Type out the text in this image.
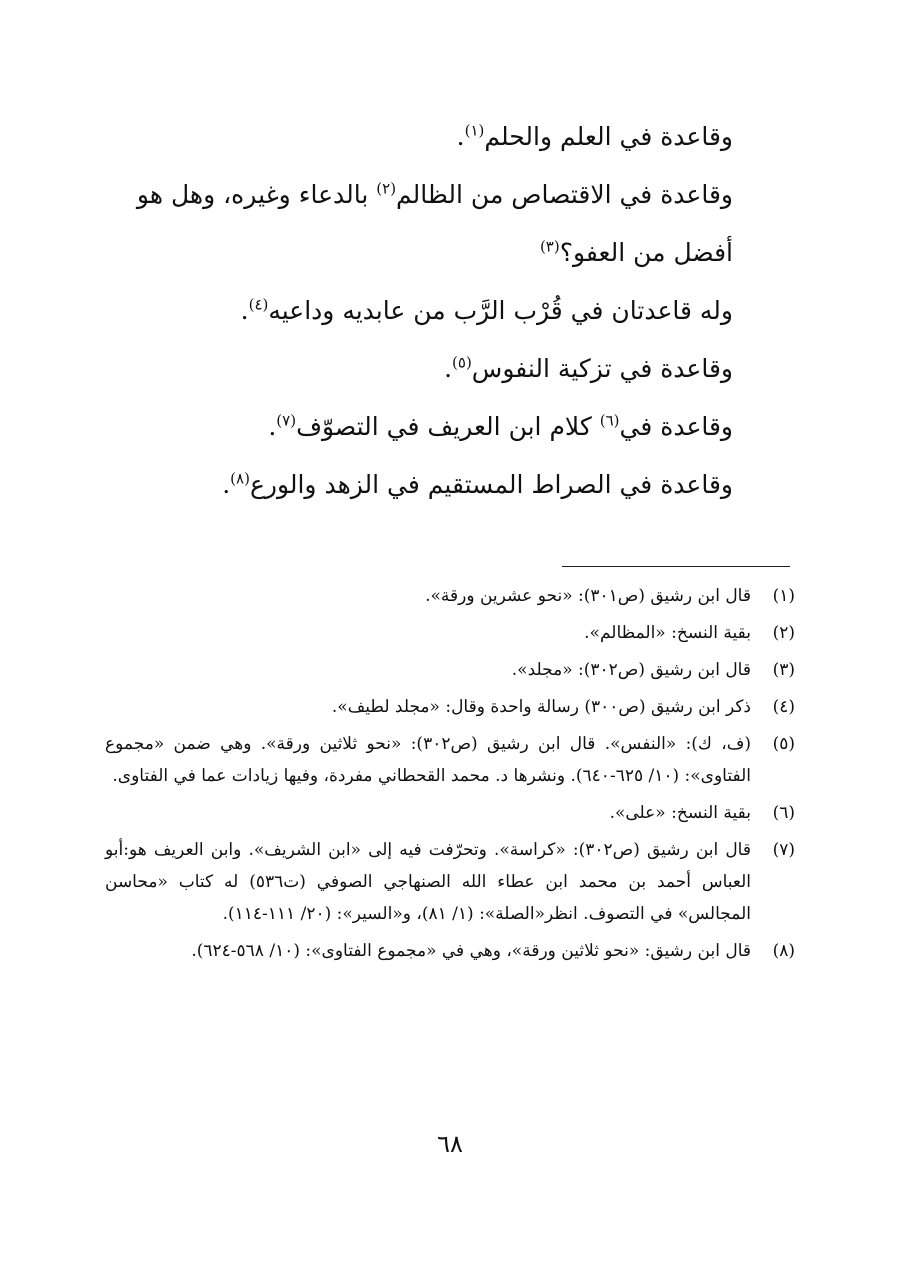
وقاعدة في العلم والحلم$^{(١)}$.

وقاعدة في الاقتصاص من الظالم$^{(٢)}$ بالدعاء وغيره، وهل هو أفضل من العفو؟$^{(٣)}$

وله قاعدتان في قُرْب الرَّب من عابديه وداعيه$^{(٤)}$.

وقاعدة في تزكية النفوس$^{(٥)}$.

وقاعدة في$^{(٦)}$ كلام ابن العريف في التصوّف$^{(٧)}$.

وقاعدة في الصراط المستقيم في الزهد والورع$^{(٨)}$.

(١)
قال ابن رشيق (ص٣٠١): «نحو عشرين ورقة».
(٢)
بقية النسخ: «المظالم».
(٣)
قال ابن رشيق (ص٣٠٢): «مجلد».
(٤)
ذكر ابن رشيق (ص٣٠٠) رسالة واحدة وقال: «مجلد لطيف».
(٥)
(ف، ك): «النفس». قال ابن رشيق (ص٣٠٢): «نحو ثلاثين ورقة». وهي ضمن «مجموع الفتاوى»: (١٠/ ٦٢٥-٦٤٠). ونشرها د. محمد القحطاني مفردة، وفيها زيادات عما في الفتاوى.
(٦)
بقية النسخ: «على».
(٧)
قال ابن رشيق (ص٣٠٢): «كراسة». وتحرّفت فيه إلى «ابن الشريف». وابن العريف هو:أبو العباس أحمد بن محمد ابن عطاء الله الصنهاجي الصوفي (ت٥٣٦) له كتاب «محاسن المجالس» في التصوف. انظر«الصلة»: (١/ ٨١)، و«السير»: (٢٠/ ١١١-١١٤).
(٨)
قال ابن رشيق: «نحو ثلاثين ورقة»، وهي في «مجموع الفتاوى»: (١٠/ ٥٦٨-٦٢٤).
٦٨
